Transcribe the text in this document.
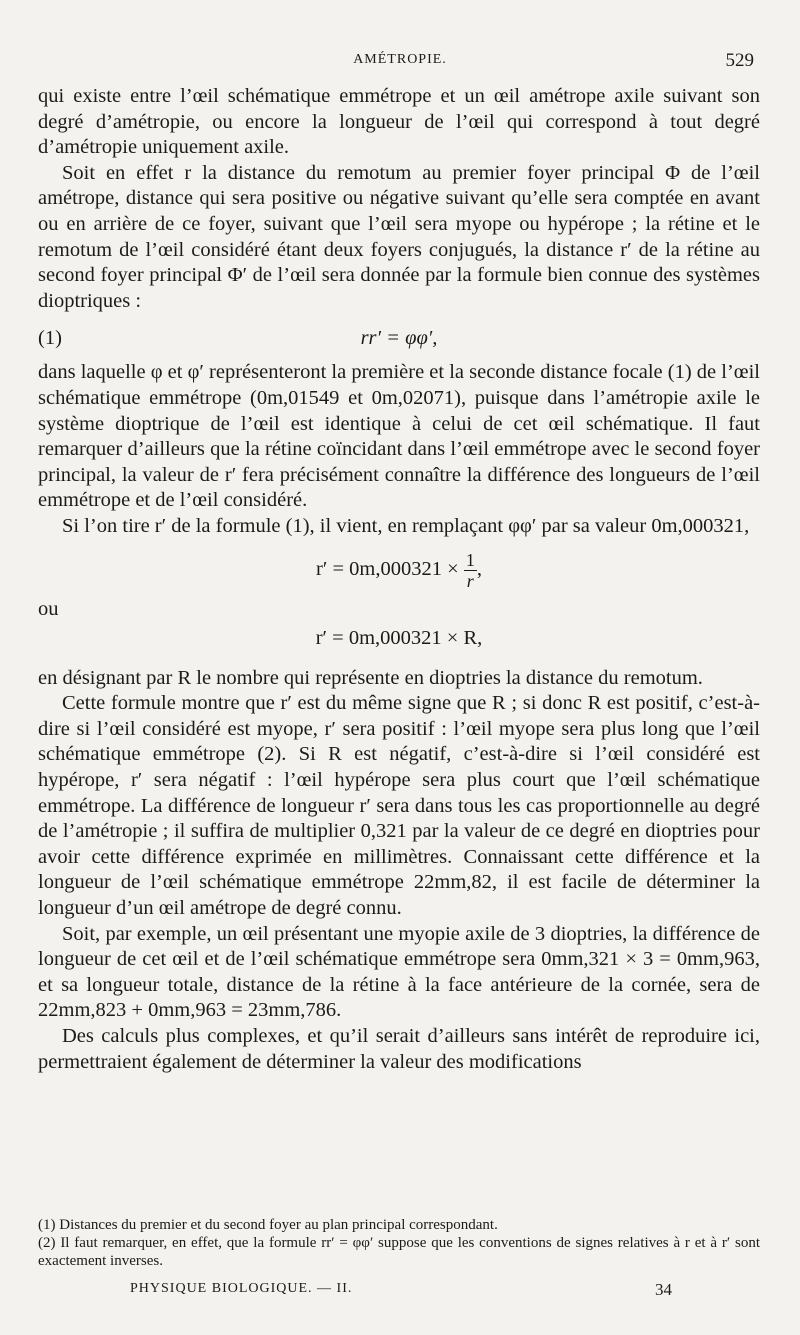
AMÉTROPIE.	529

qui existe entre l’œil schématique emmétrope et un œil amétrope axile suivant son degré d’amétropie, ou encore la longueur de l’œil qui correspond à tout degré d’amétropie uniquement axile.

Soit en effet r la distance du remotum au premier foyer principal Φ de l’œil amétrope, distance qui sera positive ou négative suivant qu’elle sera comptée en avant ou en arrière de ce foyer, suivant que l’œil sera myope ou hypérope ; la rétine et le remotum de l’œil considéré étant deux foyers conjugués, la distance r′ de la rétine au second foyer principal Φ′ de l’œil sera donnée par la formule bien connue des systèmes dioptriques :

(1)	rr′ = φφ′,

dans laquelle φ et φ′ représenteront la première et la seconde distance focale (1) de l’œil schématique emmétrope (0m,01549 et 0m,02071), puisque dans l’amétropie axile le système dioptrique de l’œil est identique à celui de cet œil schématique. Il faut remarquer d’ailleurs que la rétine coïncidant dans l’œil emmétrope avec le second foyer principal, la valeur de r′ fera précisément connaître la différence des longueurs de l’œil emmétrope et de l’œil considéré.

Si l’on tire r′ de la formule (1), il vient, en remplaçant φφ′ par sa valeur 0m,000321,

$r' = 0m,000321 \times \frac{1}{r}$ ,

ou

r′ = 0m,000321 × R,

en désignant par R le nombre qui représente en dioptries la distance du remotum.

Cette formule montre que r′ est du même signe que R ; si donc R est positif, c’est-à-dire si l’œil considéré est myope, r′ sera positif : l’œil myope sera plus long que l’œil schématique emmétrope (2). Si R est négatif, c’est-à-dire si l’œil considéré est hypérope, r′ sera négatif : l’œil hypérope sera plus court que l’œil schématique emmétrope. La différence de longueur r′ sera dans tous les cas proportionnelle au degré de l’amétropie ; il suffira de multiplier 0,321 par la valeur de ce degré en dioptries pour avoir cette différence exprimée en millimètres. Connaissant cette différence et la longueur de l’œil schématique emmétrope 22mm,82, il est facile de déterminer la longueur d’un œil amétrope de degré connu.

Soit, par exemple, un œil présentant une myopie axile de 3 dioptries, la différence de longueur de cet œil et de l’œil schématique emmétrope sera 0mm,321 × 3 = 0mm,963, et sa longueur totale, distance de la rétine à la face antérieure de la cornée, sera de 22mm,823 + 0mm,963 = 23mm,786.

Des calculs plus complexes, et qu’il serait d’ailleurs sans intérêt de reproduire ici, permettraient également de déterminer la valeur des modifications

(1) Distances du premier et du second foyer au plan principal correspondant.

(2) Il faut remarquer, en effet, que la formule rr′ = φφ′ suppose que les conventions de signes relatives à r et à r′ sont exactement inverses.

PHYSIQUE BIOLOGIQUE. — II.	34
